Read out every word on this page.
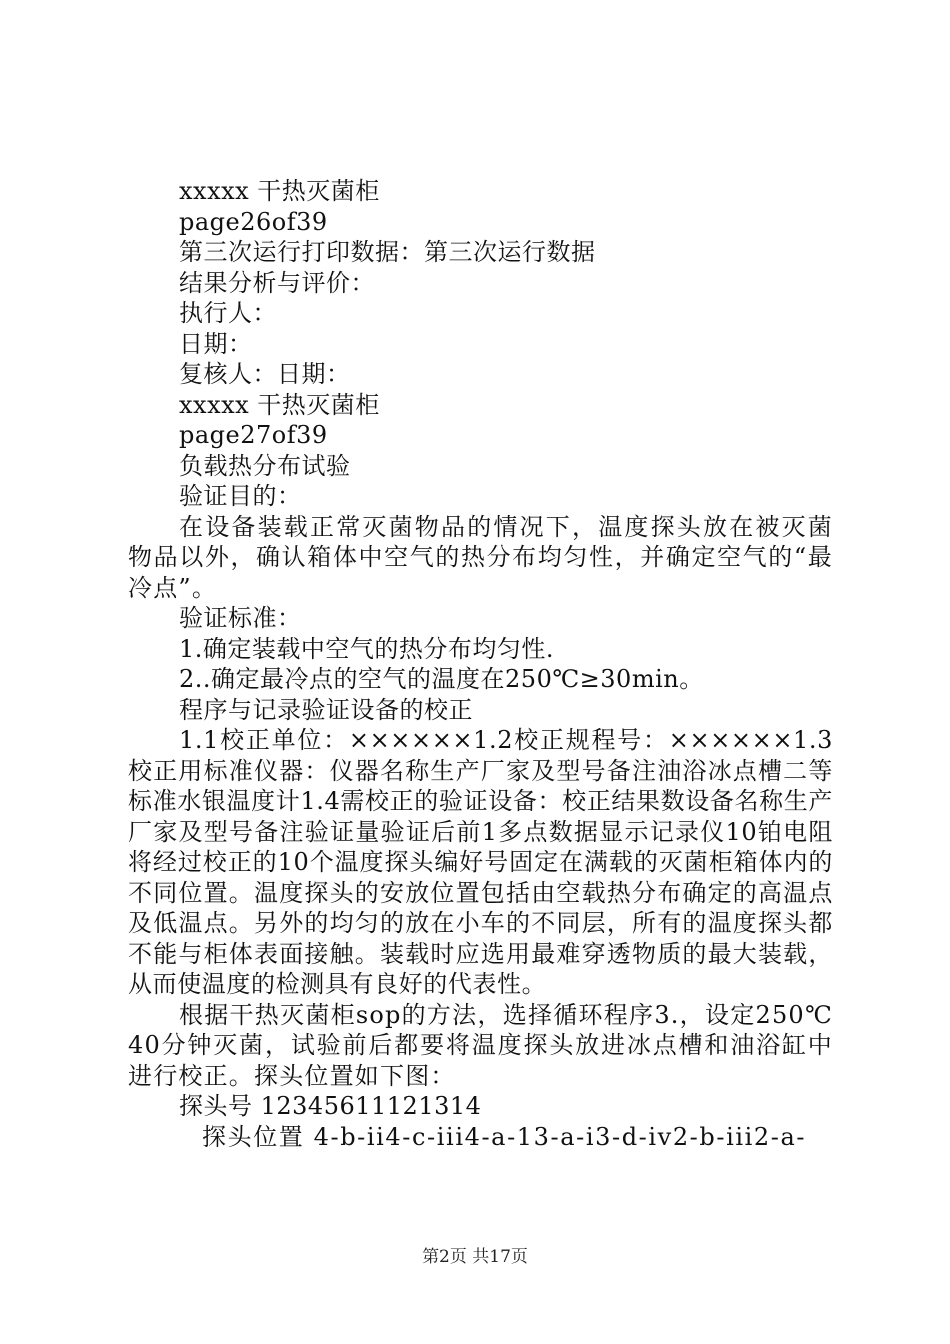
xxxxx 干热灭菌柜
page26of39
第三次运行打印数据：第三次运行数据
结果分析与评价：
执行人：
日期：
复核人：日期：
xxxxx 干热灭菌柜
page27of39
负载热分布试验
验证目的：
在设备装载正常灭菌物品的情况下，温度探头放在被灭菌物品以外，确认箱体中空气的热分布均匀性，并确定空气的“最冷点”。
验证标准：
1.确定装载中空气的热分布均匀性.
2..确定最冷点的空气的温度在250℃≥30min。
程序与记录验证设备的校正
1.1校正单位：××××××1.2校正规程号：××××××1.3校正用标准仪器：仪器名称生产厂家及型号备注油浴冰点槽二等标准水银温度计1.4需校正的验证设备：校正结果数设备名称生产厂家及型号备注验证量验证后前1多点数据显示记录仪10铂电阻将经过校正的10个温度探头编好号固定在满载的灭菌柜箱体内的不同位置。温度探头的安放位置包括由空载热分布确定的高温点及低温点。另外的均匀的放在小车的不同层，所有的温度探头都不能与柜体表面接触。装载时应选用最难穿透物质的最大装载，从而使温度的检测具有良好的代表性。
根据干热灭菌柜sop的方法，选择循环程序3.，设定250℃40分钟灭菌，试验前后都要将温度探头放进冰点槽和油浴缸中进行校正。探头位置如下图：
探头号 12345611121314
探头位置 4-b-ii4-c-iii4-a-13-a-i3-d-iv2-b-iii2-a-
第2页 共17页
